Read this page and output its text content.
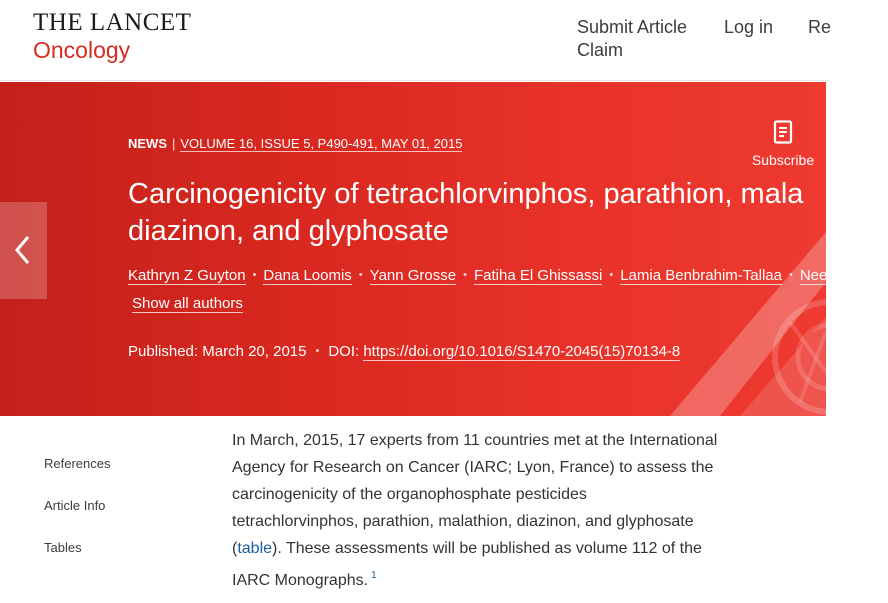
THE LANCET
Oncology
Submit Article
Claim
Log in Re
NEWS | VOLUME 16, ISSUE 5, P490-491, MAY 01, 2015
Subscribe
Carcinogenicity of tetrachlorvinphos, parathion, mala
diazinon, and glyphosate
Kathryn Z Guyton • Dana Loomis • Yann Grosse • Fatiha El Ghissassi • Lamia Benbrahim-Tallaa • Neela G
Show all authors
Published: March 20, 2015 • DOI: https://doi.org/10.1016/S1470-2045(15)70134-8
References
Article Info
Tables

In March, 2015, 17 experts from 11 countries met at the International
Agency for Research on Cancer (IARC; Lyon, France) to assess the
carcinogenicity of the organophosphate pesticides
tetrachlorvinphos, parathion, malathion, diazinon, and glyphosate
(table). These assessments will be published as volume 112 of the
IARC Monographs. $^1$
